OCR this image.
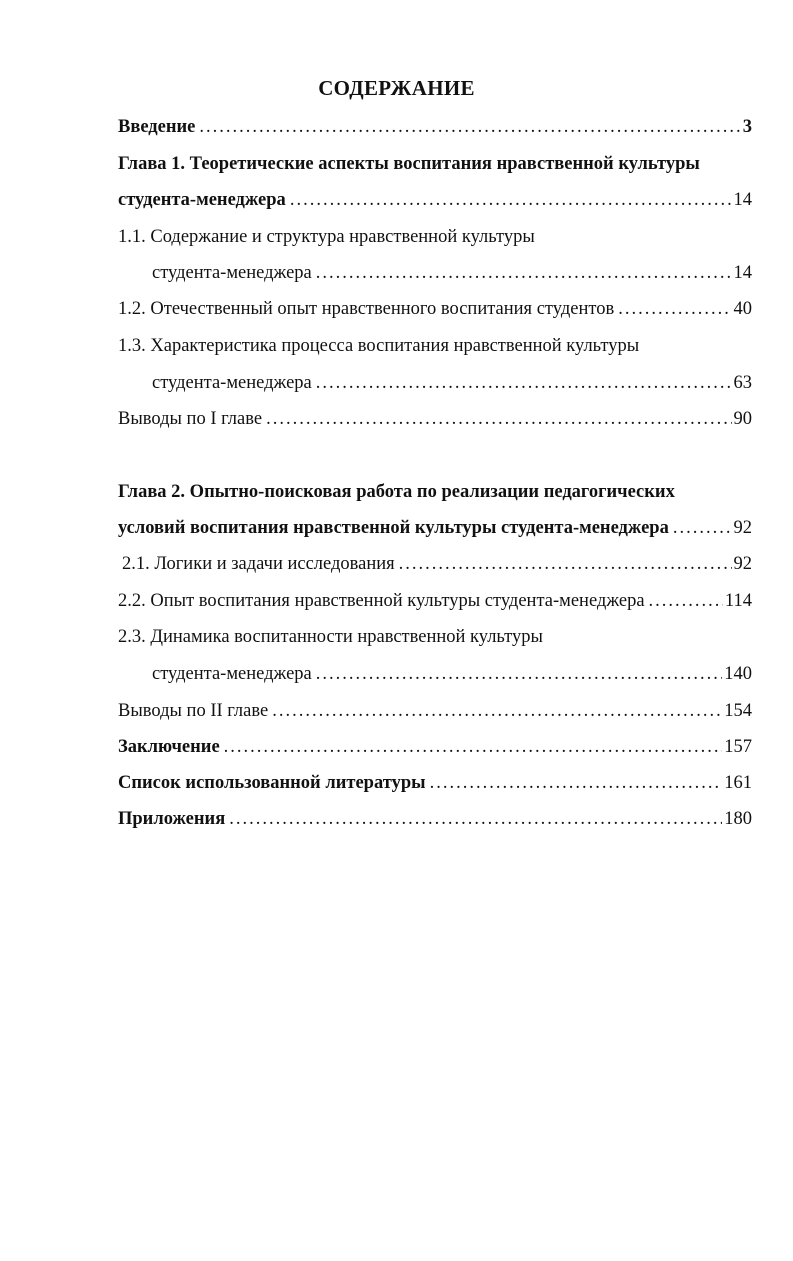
СОДЕРЖАНИЕ
Введение .....	3
Глава 1. Теоретические аспекты воспитания нравственной культуры
студента-менеджера .....	14
1.1. Содержание и структура нравственной культуры
студента-менеджера .....	14
1.2. Отечественный опыт нравственного воспитания студентов .....	40
1.3. Характеристика процесса воспитания нравственной культуры
студента-менеджера .....	63
Выводы по I главе .....	90
Глава 2. Опытно-поисковая работа по реализации педагогических
условий воспитания нравственной культуры студента-менеджера .....	92
2.1. Логики и задачи исследования .....	92
2.2. Опыт воспитания нравственной культуры студента-менеджера .....	114
2.3. Динамика воспитанности нравственной культуры
студента-менеджера .....	140
Выводы по II главе .....	154
Заключение .....	157
Список использованной литературы .....	161
Приложения .....	180
